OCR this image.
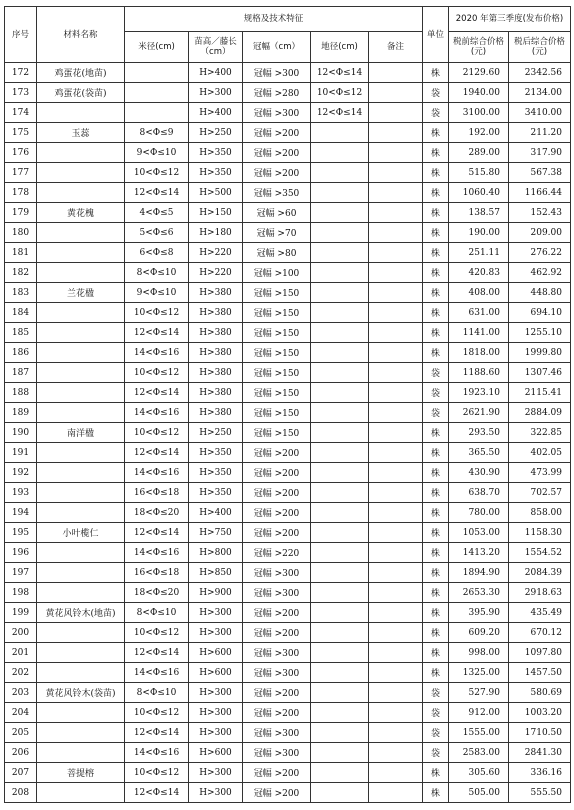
序号	材料名称	规格及技术特征					单位	2020 年第三季度(发布价格)	
		米径(cm)	苗高／藤长（cm）	冠幅（cm）	地径(cm)	备注		税前综合价格(元)	税后综合价格(元)
172	鸡蛋花(地苗)		H>400	冠幅 >300	12<Φ≤14		株	2129.60	2342.56
173	鸡蛋花(袋苗)		H>300	冠幅 >280	10<Φ≤12		袋	1940.00	2134.00
174			H>400	冠幅 >300	12<Φ≤14		袋	3100.00	3410.00
175	玉蕊	8<Φ≤9	H>250	冠幅 >200			株	192.00	211.20
176		9<Φ≤10	H>350	冠幅 >200			株	289.00	317.90
177		10<Φ≤12	H>350	冠幅 >200			株	515.80	567.38
178		12<Φ≤14	H>500	冠幅 >350			株	1060.40	1166.44
179	黄花槐	4<Φ≤5	H>150	冠幅 >60			株	138.57	152.43
180		5<Φ≤6	H>180	冠幅 >70			株	190.00	209.00
181		6<Φ≤8	H>220	冠幅 >80			株	251.11	276.22
182		8<Φ≤10	H>220	冠幅 >100			株	420.83	462.92
183	兰花楹	9<Φ≤10	H>380	冠幅 >150			株	408.00	448.80
184		10<Φ≤12	H>380	冠幅 >150			株	631.00	694.10
185		12<Φ≤14	H>380	冠幅 >150			株	1141.00	1255.10
186		14<Φ≤16	H>380	冠幅 >150			株	1818.00	1999.80
187		10<Φ≤12	H>380	冠幅 >150			袋	1188.60	1307.46
188		12<Φ≤14	H>380	冠幅 >150			袋	1923.10	2115.41
189		14<Φ≤16	H>380	冠幅 >150			袋	2621.90	2884.09
190	南洋楹	10<Φ≤12	H>250	冠幅 >150			株	293.50	322.85
191		12<Φ≤14	H>350	冠幅 >200			株	365.50	402.05
192		14<Φ≤16	H>350	冠幅 >200			株	430.90	473.99
193		16<Φ≤18	H>350	冠幅 >200			株	638.70	702.57
194		18<Φ≤20	H>400	冠幅 >200			株	780.00	858.00
195	小叶榄仁	12<Φ≤14	H>750	冠幅 >200			株	1053.00	1158.30
196		14<Φ≤16	H>800	冠幅 >220			株	1413.20	1554.52
197		16<Φ≤18	H>850	冠幅 >300			株	1894.90	2084.39
198		18<Φ≤20	H>900	冠幅 >300			株	2653.30	2918.63
199	黄花风铃木(地苗)	8<Φ≤10	H>300	冠幅 >200			株	395.90	435.49
200		10<Φ≤12	H>300	冠幅 >200			株	609.20	670.12
201		12<Φ≤14	H>600	冠幅 >300			株	998.00	1097.80
202		14<Φ≤16	H>600	冠幅 >300			株	1325.00	1457.50
203	黄花风铃木(袋苗)	8<Φ≤10	H>300	冠幅 >200			袋	527.90	580.69
204		10<Φ≤12	H>300	冠幅 >200			袋	912.00	1003.20
205		12<Φ≤14	H>300	冠幅 >300			袋	1555.00	1710.50
206		14<Φ≤16	H>600	冠幅 >300			袋	2583.00	2841.30
207	菩提榕	10<Φ≤12	H>300	冠幅 >200			株	305.60	336.16
208		12<Φ≤14	H>300	冠幅 >200			株	505.00	555.50
